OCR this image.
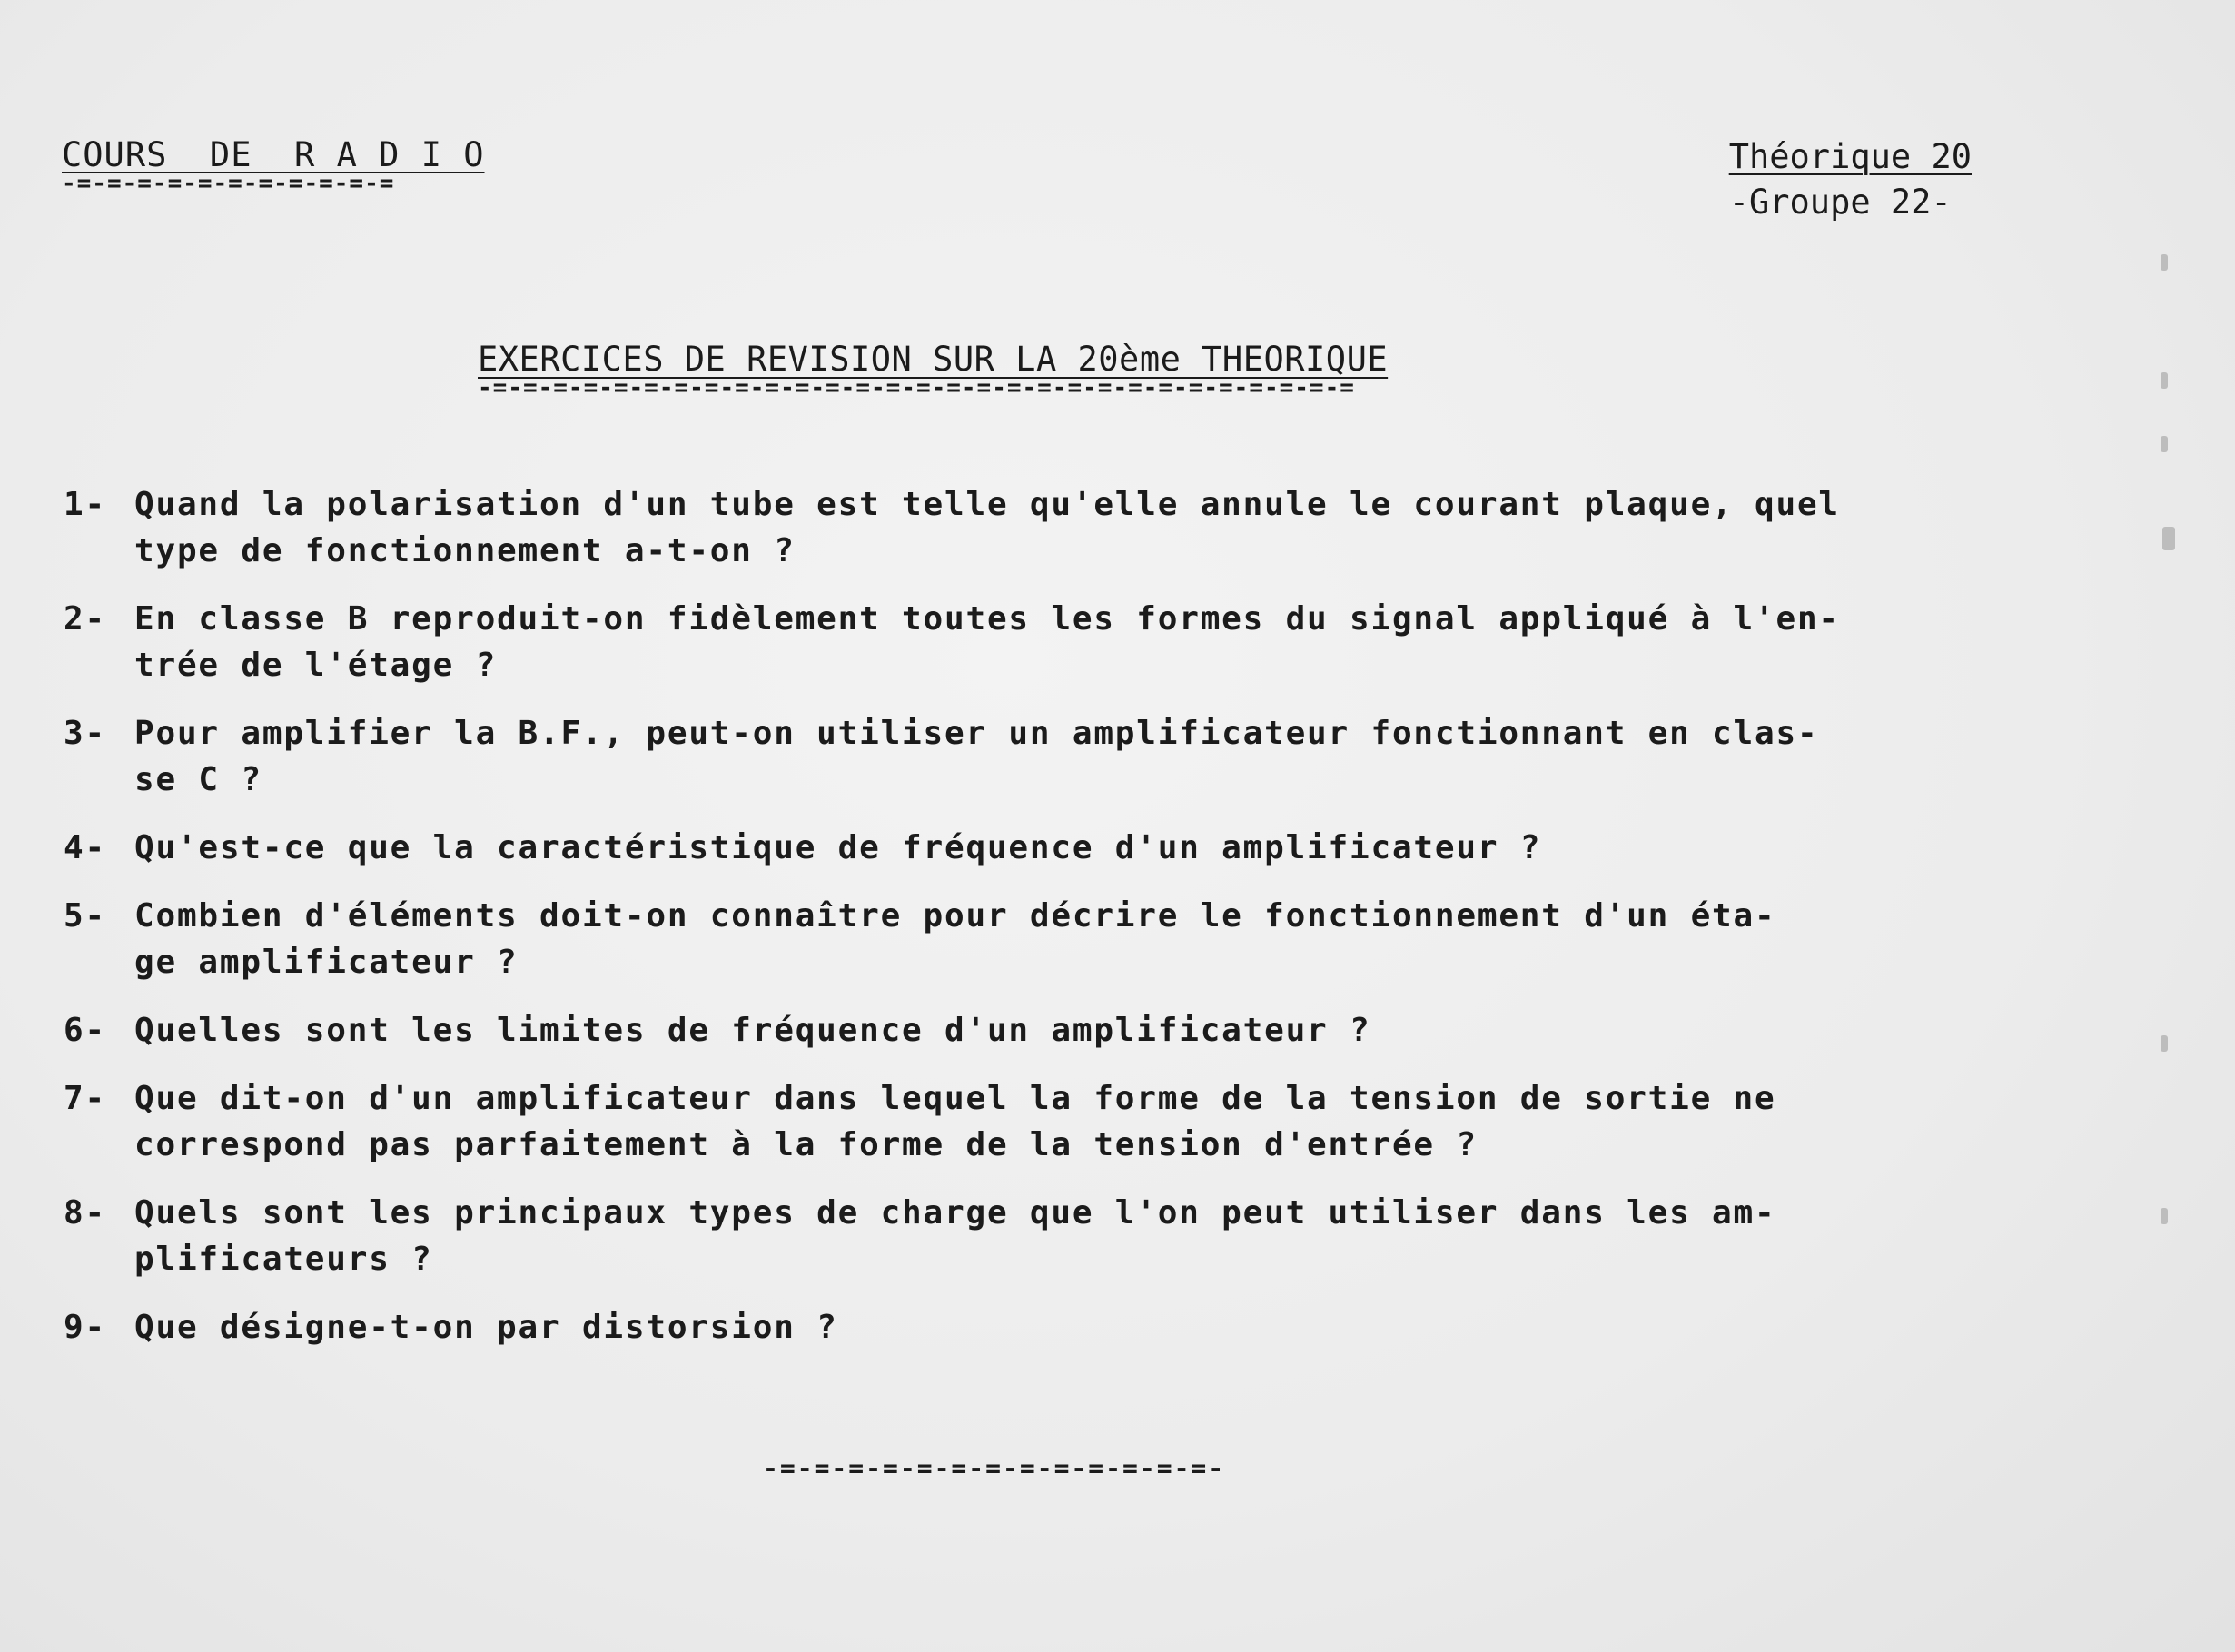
COURS  DE  R A D I O
-=-=-=-=-=-=-=-=-=-=-=
Théorique 20
-Groupe 22-
EXERCICES DE REVISION SUR LA 20ème THEORIQUE
-=-=-=-=-=-=-=-=-=-=-=-=-=-=-=-=-=-=-=-=-=-=-=-=-=-=-=-=-=
1- Quand la polarisation d'un tube est telle qu'elle annule le courant plaque, quel
type de fonctionnement a-t-on ?
2- En classe B reproduit-on fidèlement toutes les formes du signal appliqué à l'en-
trée de l'étage ?
3- Pour amplifier la B.F., peut-on utiliser un amplificateur fonctionnant en clas-
se C ?
4- Qu'est-ce que la caractéristique de fréquence d'un amplificateur ?
5- Combien d'éléments doit-on connaître pour décrire le fonctionnement d'un éta-
ge amplificateur ?
6- Quelles sont les limites de fréquence d'un amplificateur ?
7- Que dit-on d'un amplificateur dans lequel la forme de la tension de sortie ne
correspond pas parfaitement à la forme de la tension d'entrée ?
8- Quels sont les principaux types de charge que l'on peut utiliser dans les am-
plificateurs ?
9- Que désigne-t-on par distorsion ?
-=-=-=-=-=-=-=-=-=-=-=-=-=-
